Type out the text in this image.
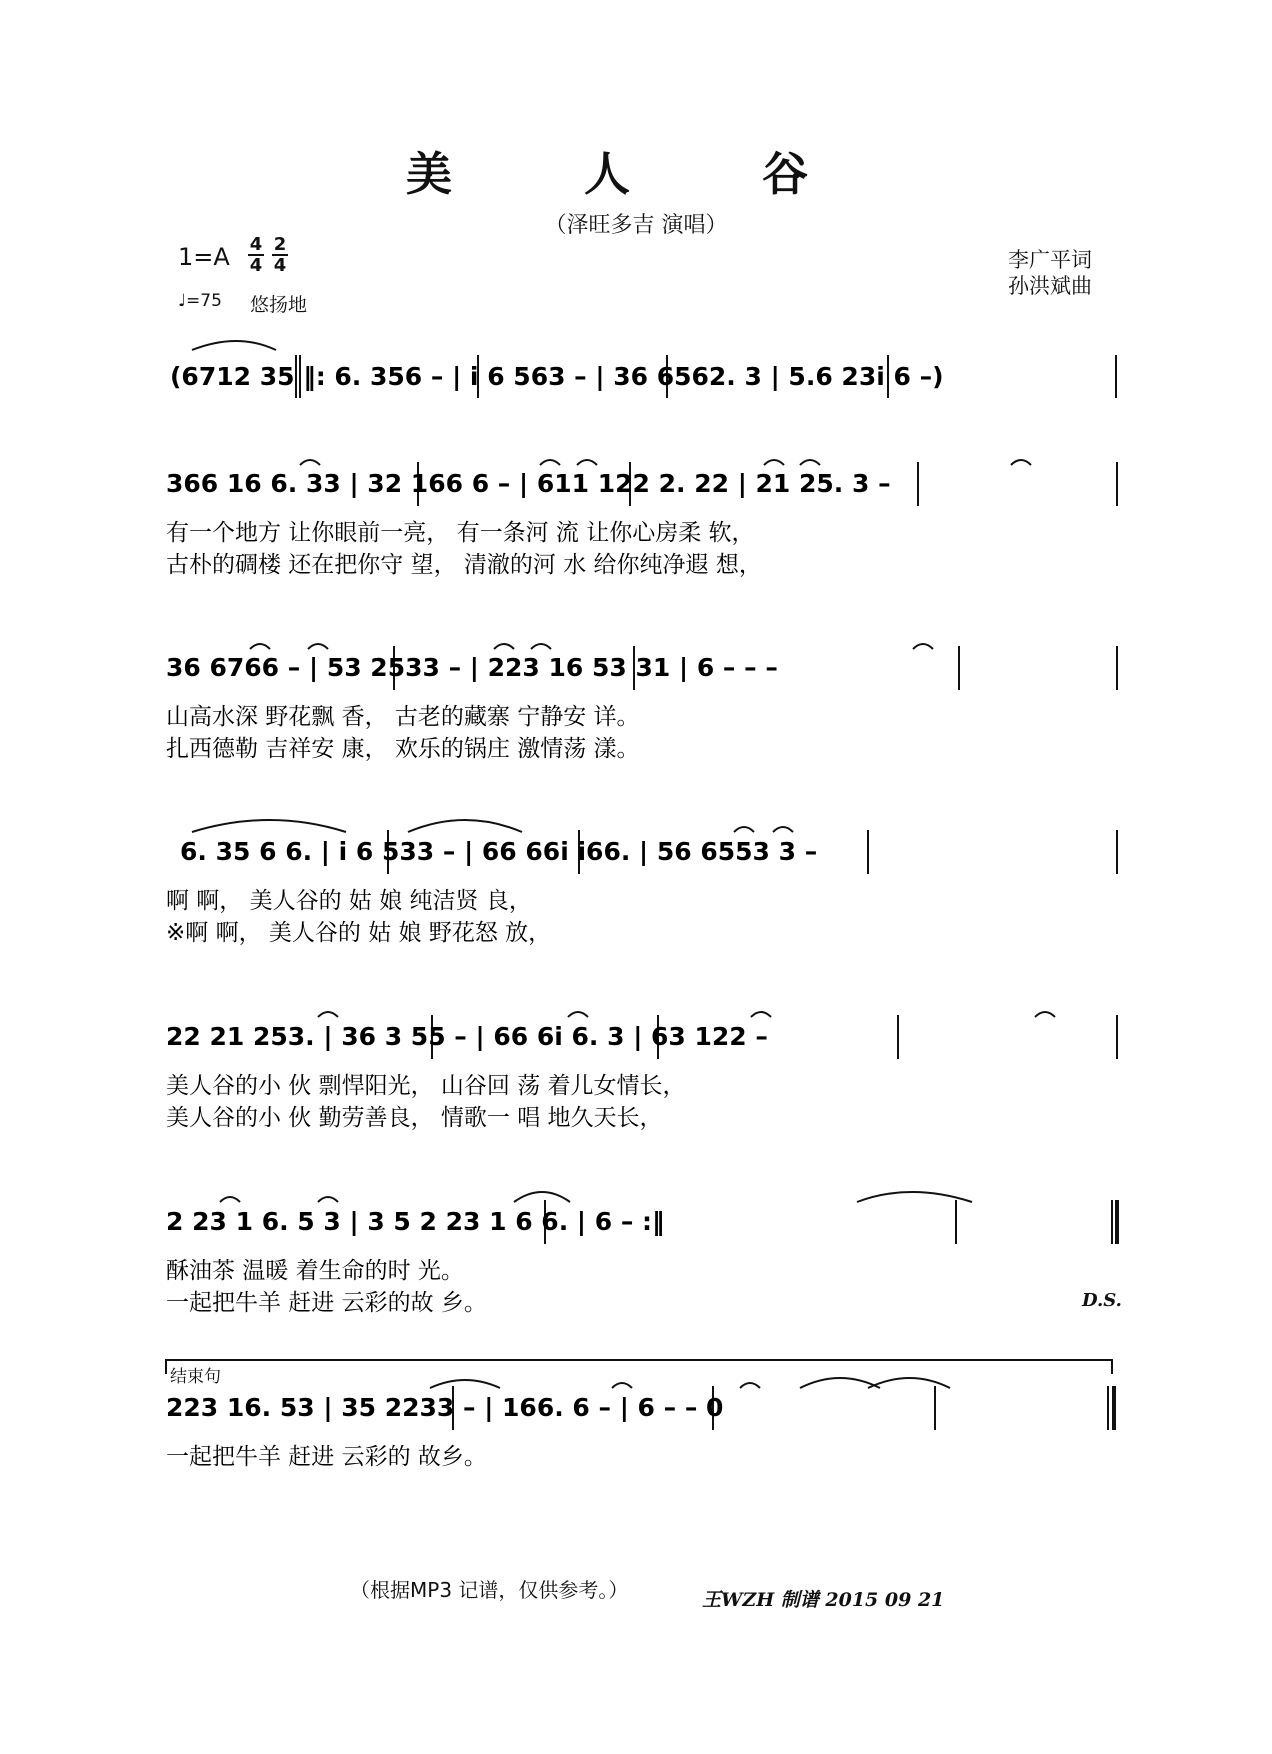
美 人 谷
（泽旺多吉 演唱）
1=A 4
4
2
4
♩=75 悠扬地
李广平词
孙洪斌曲
(6712 35 ‖: 6. 356 – | i 6 563 – | 36 6562. 3 | 5.6 23i 6 –)
366 16 6. 33 | 32 166 6 – | 611 122 2. 22 | 21 25. 3 –
有一个地方 让你眼前一亮， 有一条河 流 让你心房柔 软，
古朴的碉楼 还在把你守 望， 清澈的河 水 给你纯净遐 想，
36 6766 – | 53 2533 – | 223 16 53 31 | 6 – – –
山高水深 野花飘 香， 古老的藏寨 宁静安 详。
扎西德勒 吉祥安 康， 欢乐的锅庄 激情荡 漾。
6. 35 6 6. | i 6 533 – | 66 66i i66. | 56 6553 3 –
啊 啊， 美人谷的 姑 娘 纯洁贤 良，
※啊 啊， 美人谷的 姑 娘 野花怒 放，
22 21 253. | 36 3 55 – | 66 6i 6. 3 | 63 122 –
美人谷的小 伙 剽悍阳光， 山谷回 荡 着儿女情长，
美人谷的小 伙 勤劳善良， 情歌一 唱 地久天长，
2 23 1 6. 5 3 | 3 5 2 23 1 6 6. | 6 – :‖
酥油茶 温暖 着生命的时 光。
一起把牛羊 赶进 云彩的故 乡。
223 16. 53 | 35 2233 – | 166. 6 – | 6 – – 0
一起把牛羊 赶进 云彩的 故乡。
D.S.
结束句
（根据MP3 记谱，仅供参考。）	王WZH 制谱 2015 09 21
